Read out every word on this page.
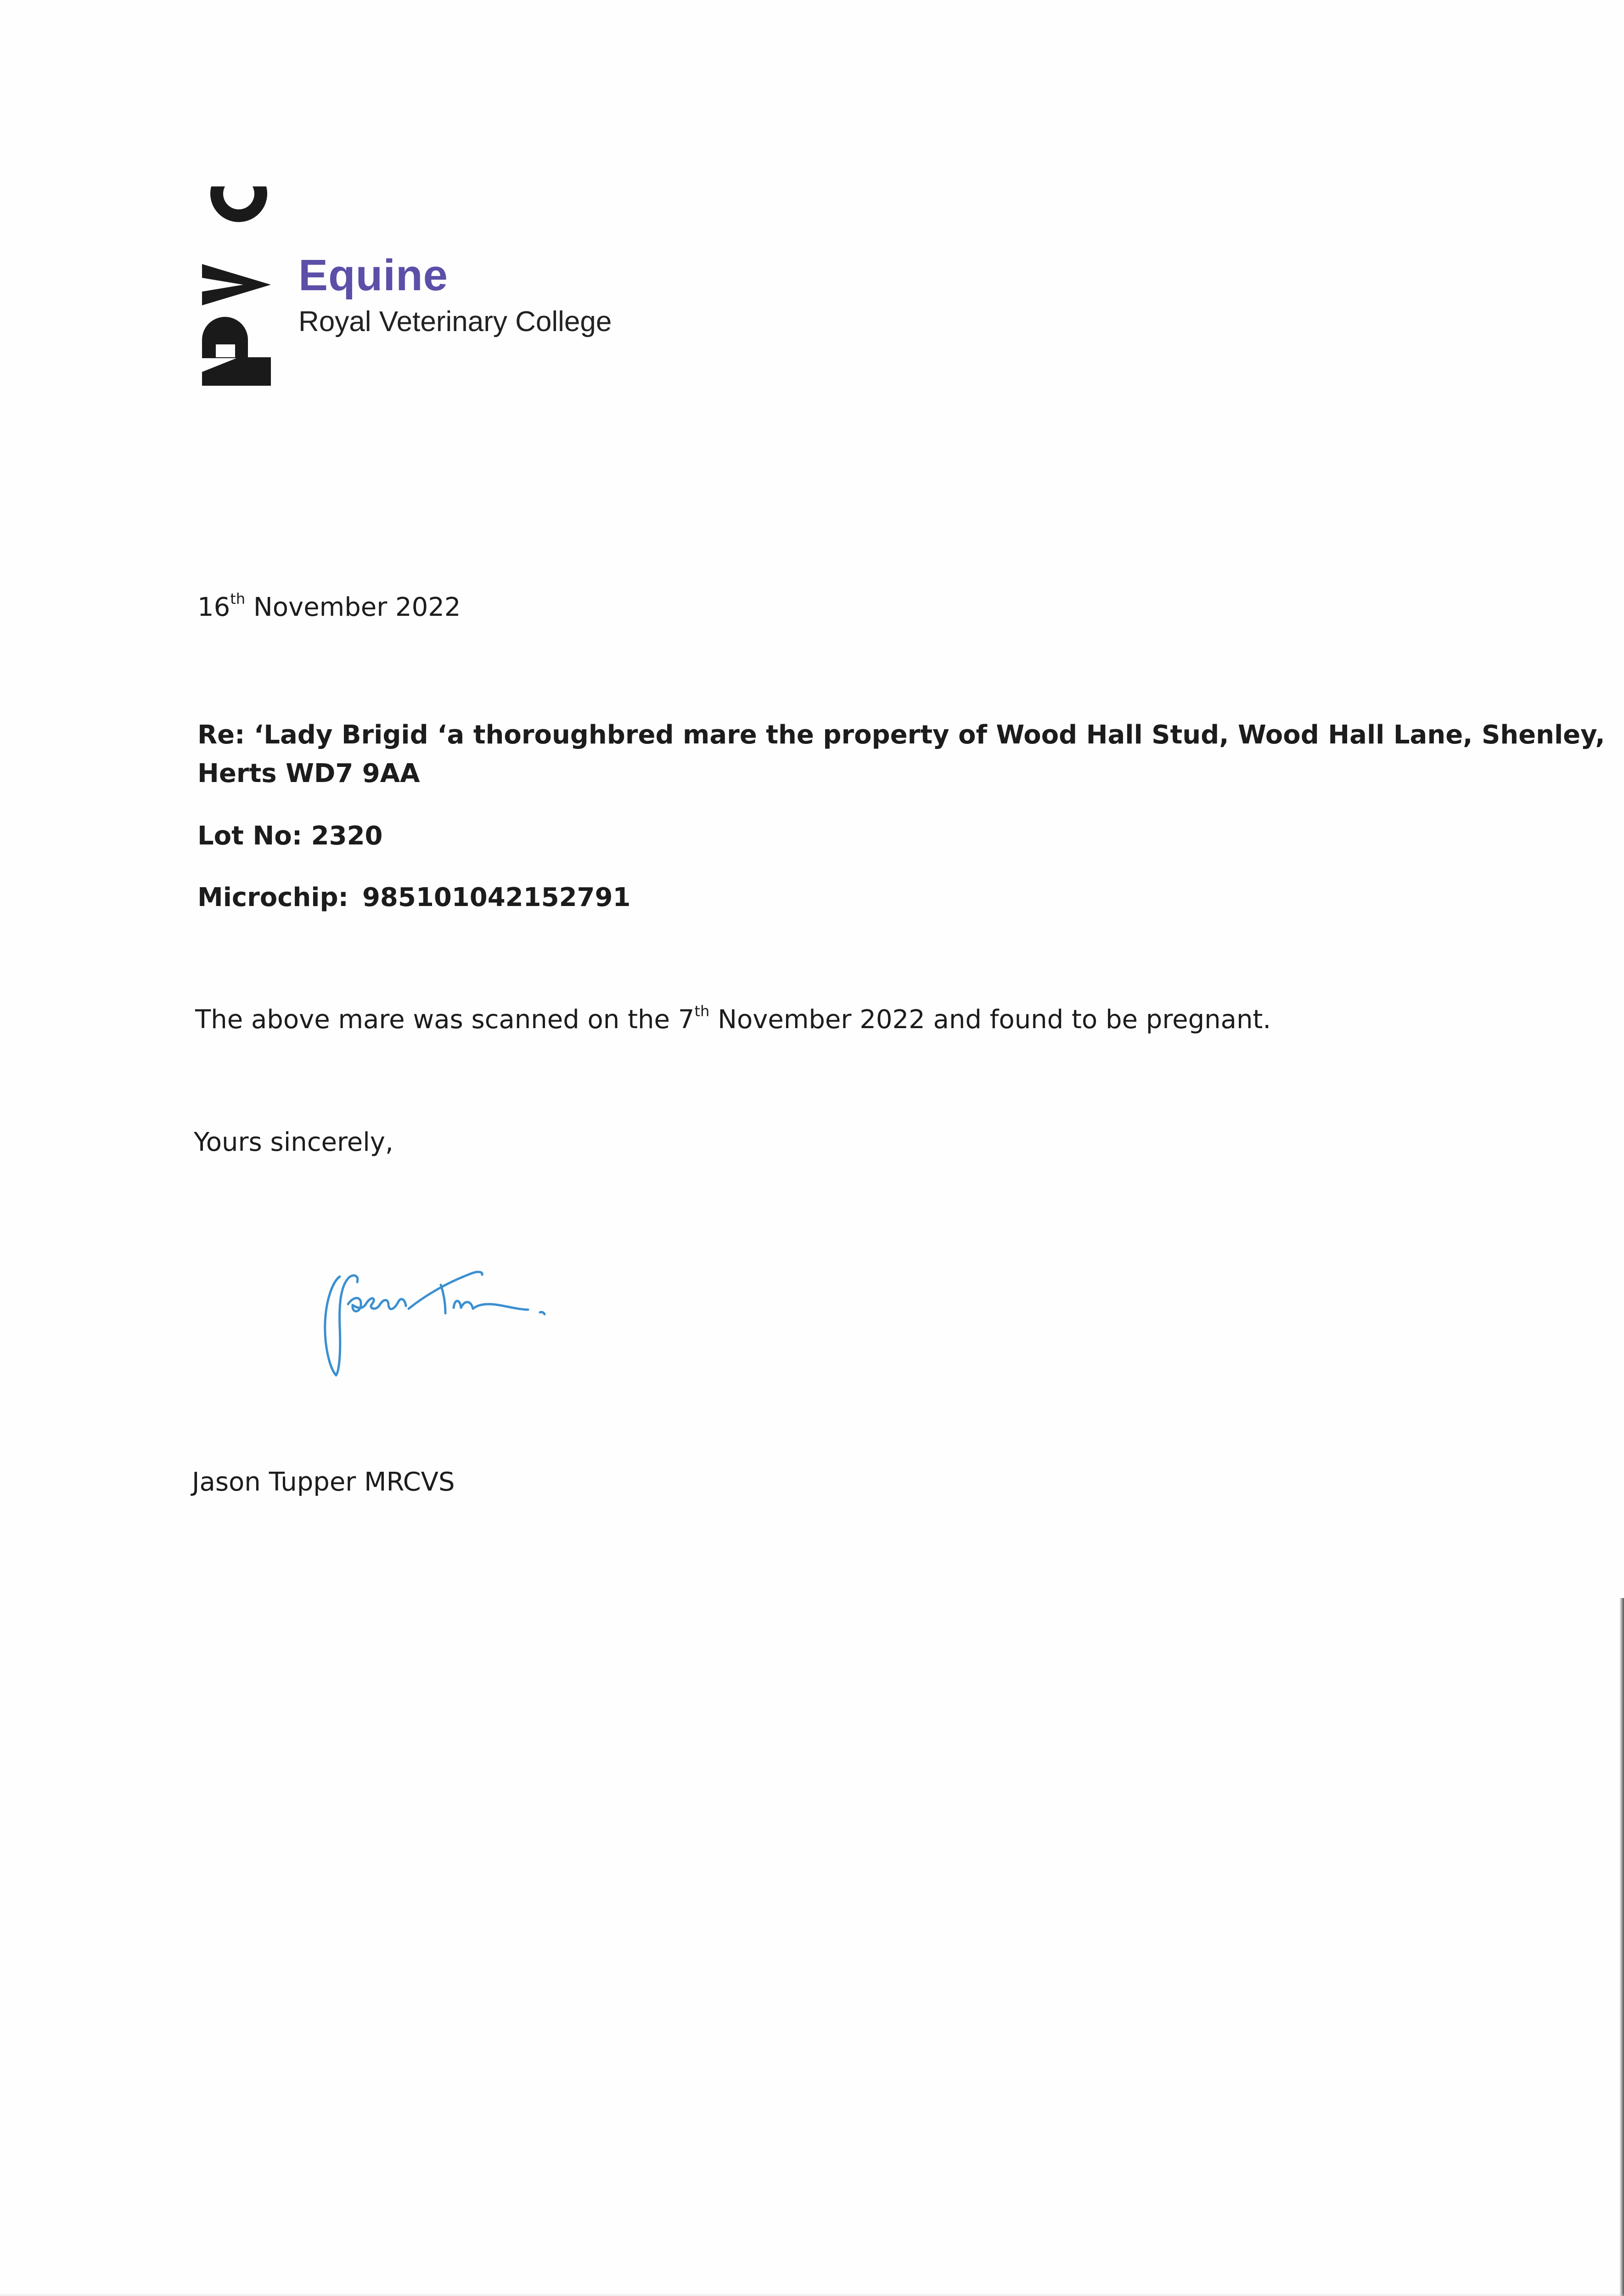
Equine
Royal Veterinary College
16th November 2022
Re: ‘Lady Brigid ‘a thoroughbred mare the property of Wood Hall Stud, Wood Hall Lane, Shenley,
Herts WD7 9AA
Lot No: 2320
Microchip: 985101042152791
The above mare was scanned on the 7th November 2022 and found to be pregnant.
Yours sincerely,
Jason Tupper MRCVS
